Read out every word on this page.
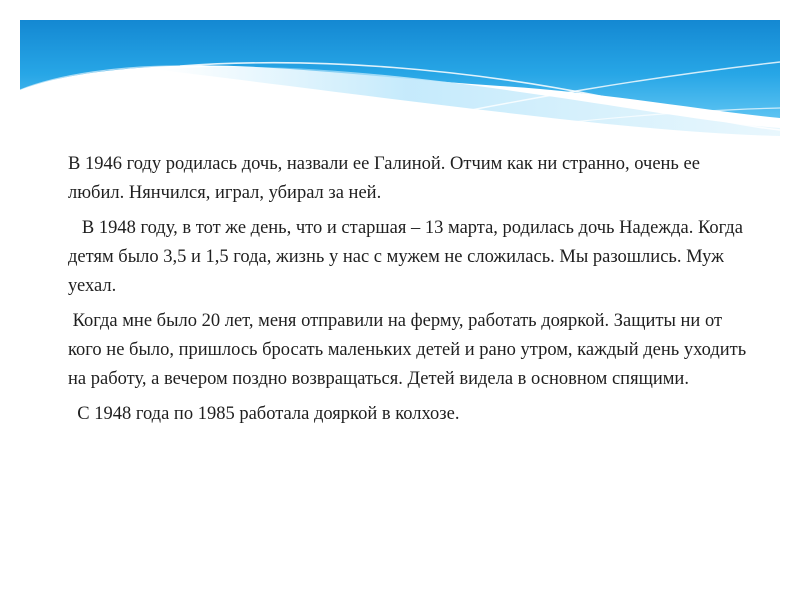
В 1946 году родилась дочь, назвали ее Галиной. Отчим как ни странно, очень ее любил. Нянчился, играл, убирал за ней.

В 1948 году, в тот же день, что и старшая – 13 марта, родилась дочь Надежда. Когда детям было 3,5 и 1,5 года, жизнь у нас с мужем не сложилась. Мы разошлись. Муж уехал.

Когда мне было 20 лет, меня отправили на ферму, работать дояркой. Защиты ни от кого не было, пришлось бросать маленьких детей и рано утром, каждый день уходить на работу, а вечером поздно возвращаться. Детей видела в основном спящими.

С 1948 года по 1985 работала дояркой в колхозе.
